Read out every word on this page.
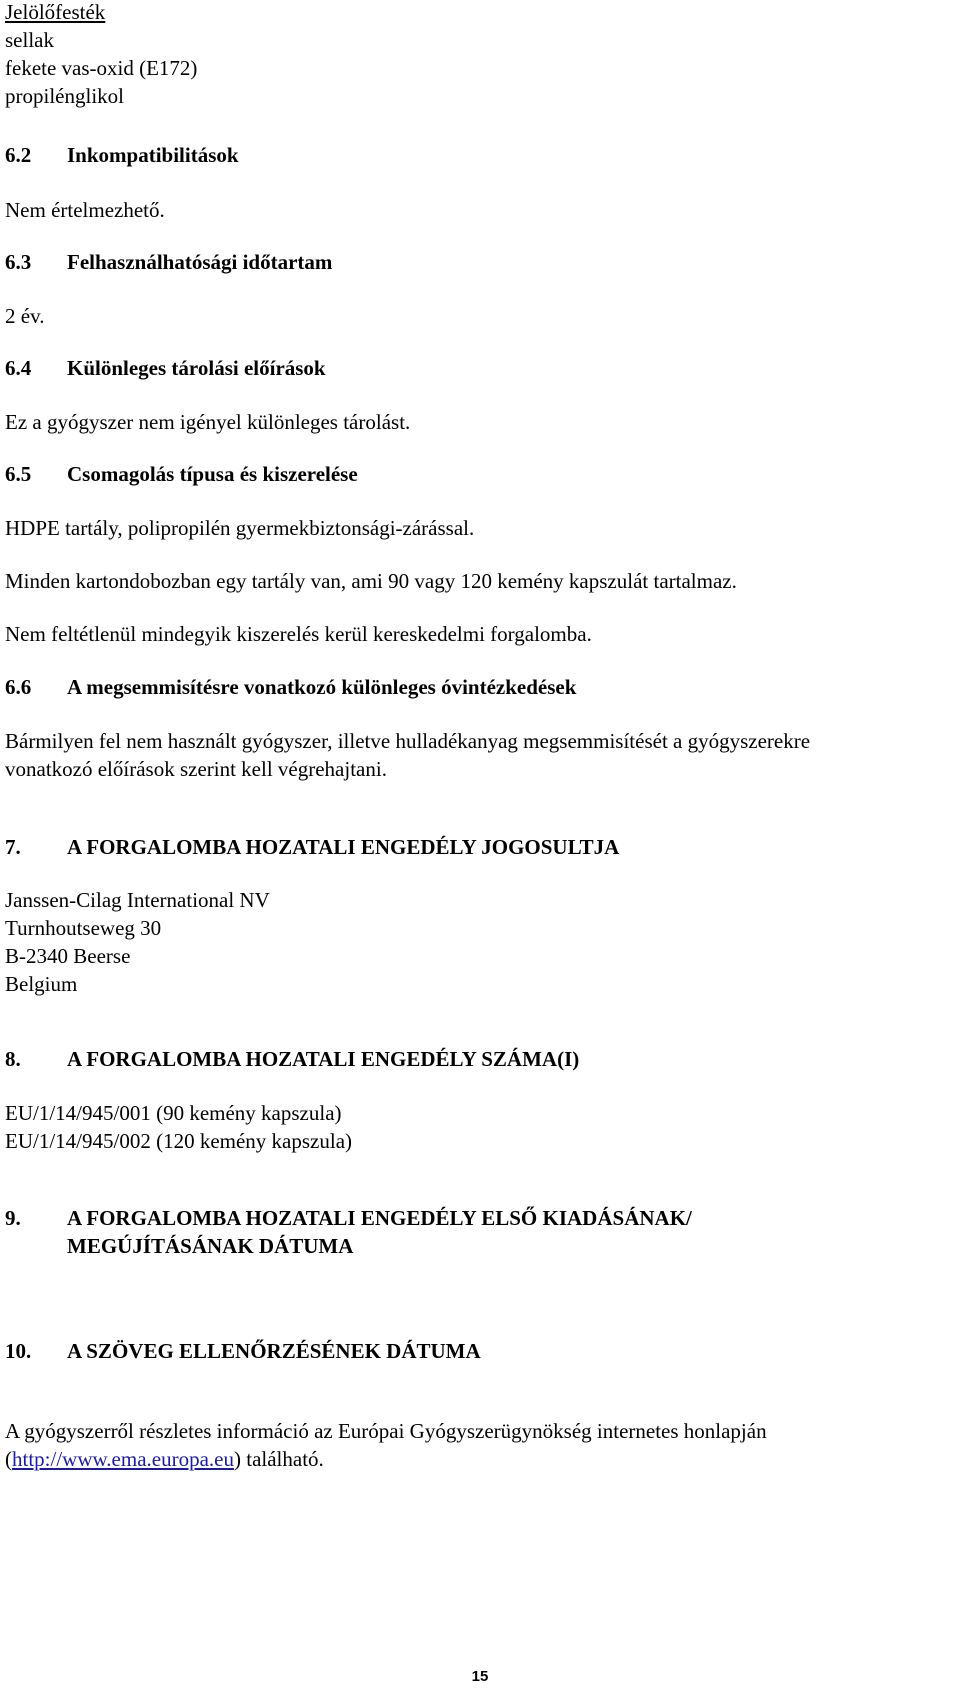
Jelölőfesték
sellak
fekete vas-oxid (E172)
propilénglikol
6.2	Inkompatibilitások
Nem értelmezhető.
6.3	Felhasználhatósági időtartam
2 év.
6.4	Különleges tárolási előírások
Ez a gyógyszer nem igényel különleges tárolást.
6.5	Csomagolás típusa és kiszerelése
HDPE tartály, polipropilén gyermekbiztonsági-zárással.
Minden kartondobozban egy tartály van, ami 90 vagy 120 kemény kapszulát tartalmaz.
Nem feltétlenül mindegyik kiszerelés kerül kereskedelmi forgalomba.
6.6	A megsemmisítésre vonatkozó különleges óvintézkedések
Bármilyen fel nem használt gyógyszer, illetve hulladékanyag megsemmisítését a gyógyszerekre
vonatkozó előírások szerint kell végrehajtani.
7.	A FORGALOMBA HOZATALI ENGEDÉLY JOGOSULTJA
Janssen-Cilag International NV
Turnhoutseweg 30
B-2340 Beerse
Belgium
8.	A FORGALOMBA HOZATALI ENGEDÉLY SZÁMA(I)
EU/1/14/945/001 (90 kemény kapszula)
EU/1/14/945/002 (120 kemény kapszula)
9.	A FORGALOMBA HOZATALI ENGEDÉLY ELSŐ KIADÁSÁNAK/
MEGÚJÍTÁSÁNAK DÁTUMA
10.	A SZÖVEG ELLENŐRZÉSÉNEK DÁTUMA
A gyógyszerről részletes információ az Európai Gyógyszerügynökség internetes honlapján
(http://www.ema.europa.eu) található.
15
